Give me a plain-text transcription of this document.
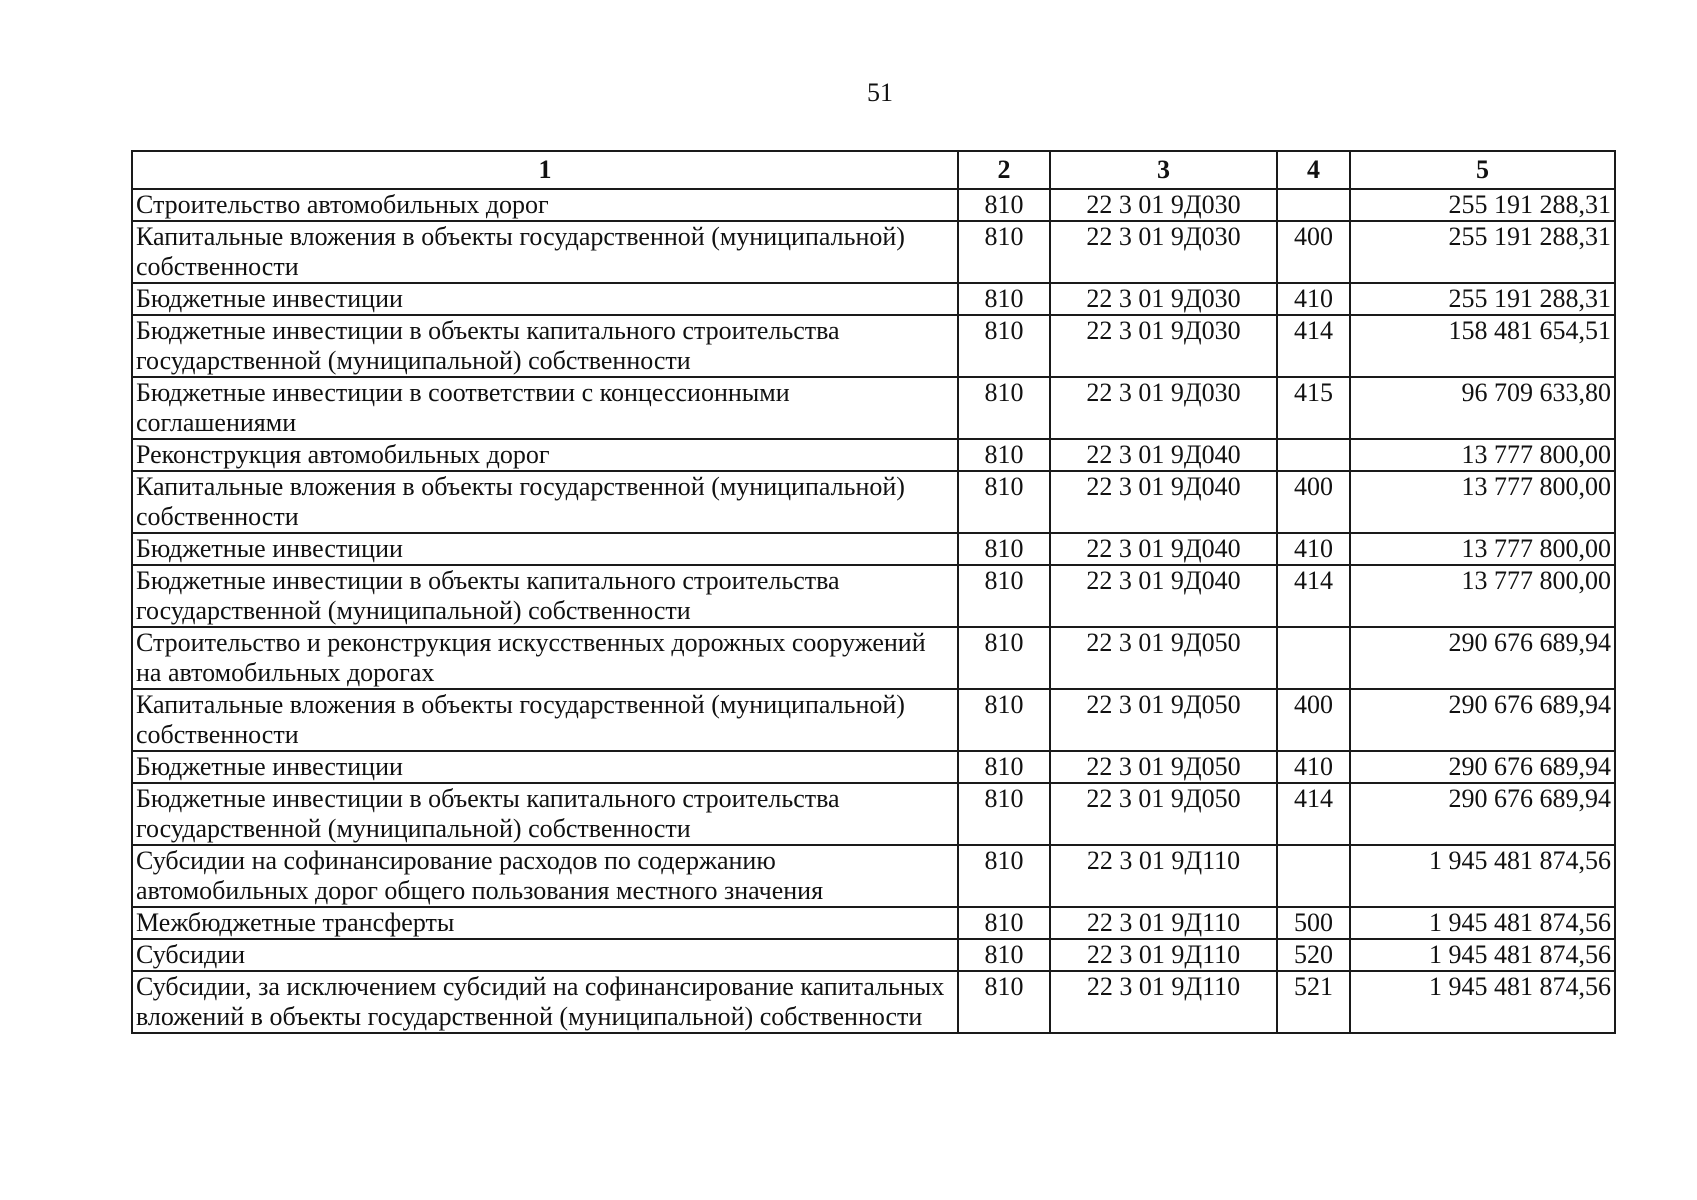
51
1	2	3	4	5
Строительство автомобильных дорог	810	22 3 01 9Д030		255 191 288,31
Капитальные вложения в объекты государственной (муниципальной) собственности	810	22 3 01 9Д030	400	255 191 288,31
Бюджетные инвестиции	810	22 3 01 9Д030	410	255 191 288,31
Бюджетные инвестиции в объекты капитального строительства государственной (муниципальной) собственности	810	22 3 01 9Д030	414	158 481 654,51
Бюджетные инвестиции в соответствии с концессионными соглашениями	810	22 3 01 9Д030	415	96 709 633,80
Реконструкция автомобильных дорог	810	22 3 01 9Д040		13 777 800,00
Капитальные вложения в объекты государственной (муниципальной) собственности	810	22 3 01 9Д040	400	13 777 800,00
Бюджетные инвестиции	810	22 3 01 9Д040	410	13 777 800,00
Бюджетные инвестиции в объекты капитального строительства государственной (муниципальной) собственности	810	22 3 01 9Д040	414	13 777 800,00
Строительство и реконструкция искусственных дорожных сооружений на автомобильных дорогах	810	22 3 01 9Д050		290 676 689,94
Капитальные вложения в объекты государственной (муниципальной) собственности	810	22 3 01 9Д050	400	290 676 689,94
Бюджетные инвестиции	810	22 3 01 9Д050	410	290 676 689,94
Бюджетные инвестиции в объекты капитального строительства государственной (муниципальной) собственности	810	22 3 01 9Д050	414	290 676 689,94
Субсидии на софинансирование расходов по содержанию автомобильных дорог общего пользования местного значения	810	22 3 01 9Д110		1 945 481 874,56
Межбюджетные трансферты	810	22 3 01 9Д110	500	1 945 481 874,56
Субсидии	810	22 3 01 9Д110	520	1 945 481 874,56
Субсидии, за исключением субсидий на софинансирование капитальных вложений в объекты государственной (муниципальной) собственности	810	22 3 01 9Д110	521	1 945 481 874,56
